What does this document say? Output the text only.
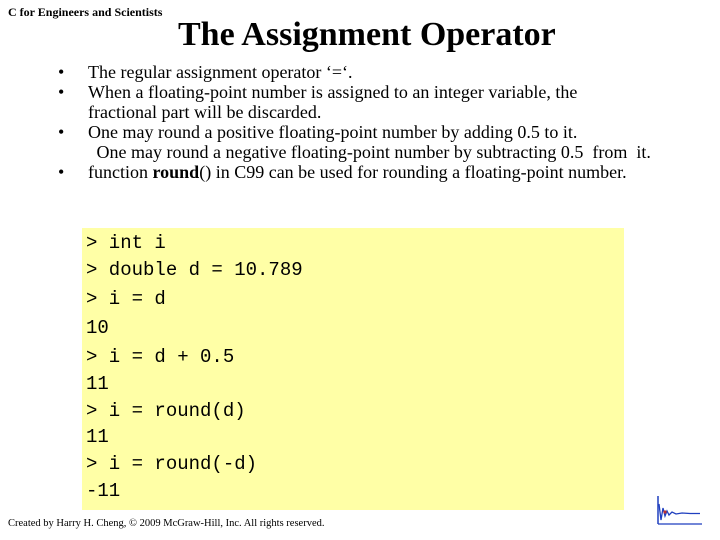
C for Engineers and Scientists
The Assignment Operator
•	The regular assignment operator ‘=‘.
•	When a floating-point number is assigned to an integer variable, the
fractional part will be discarded.
•	One may round a positive floating-point number by adding 0.5 to it.
One may round a negative floating-point number by subtracting 0.5  from  it.
•	function round() in C99 can be used for rounding a floating-point number.
> int i
> double d = 10.789
> i = d
10
> i = d + 0.5
11
> i = round(d)
11
> i = round(-d)
-11
Created by Harry H. Cheng, © 2009 McGraw-Hill, Inc. All rights reserved.
